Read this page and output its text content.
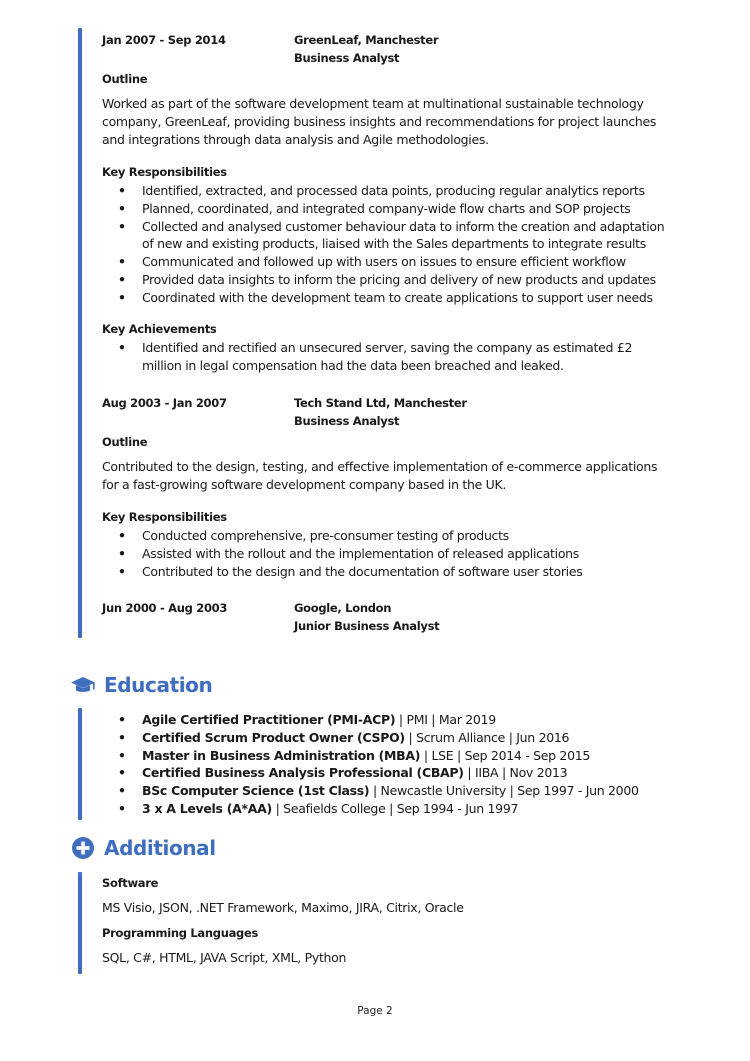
Jan 2007 - Sep 2014	GreenLeaf, Manchester
Business Analyst
Outline
Worked as part of the software development team at multinational sustainable technology company, GreenLeaf, providing business insights and recommendations for project launches and integrations through data analysis and Agile methodologies.
Key Responsibilities
• Identified, extracted, and processed data points, producing regular analytics reports
• Planned, coordinated, and integrated company-wide flow charts and SOP projects
• Collected and analysed customer behaviour data to inform the creation and adaptation of new and existing products, liaised with the Sales departments to integrate results
• Communicated and followed up with users on issues to ensure efficient workflow
• Provided data insights to inform the pricing and delivery of new products and updates
• Coordinated with the development team to create applications to support user needs
Key Achievements
• Identified and rectified an unsecured server, saving the company as estimated £2 million in legal compensation had the data been breached and leaked.
Aug 2003 - Jan 2007	Tech Stand Ltd, Manchester
Business Analyst
Outline
Contributed to the design, testing, and effective implementation of e-commerce applications for a fast-growing software development company based in the UK.
Key Responsibilities
• Conducted comprehensive, pre-consumer testing of products
• Assisted with the rollout and the implementation of released applications
• Contributed to the design and the documentation of software user stories
Jun 2000 - Aug 2003	Google, London
Junior Business Analyst
Education
• Agile Certified Practitioner (PMI-ACP) | PMI | Mar 2019
• Certified Scrum Product Owner (CSPO) | Scrum Alliance | Jun 2016
• Master in Business Administration (MBA) | LSE | Sep 2014 - Sep 2015
• Certified Business Analysis Professional (CBAP) | IIBA | Nov 2013
• BSc Computer Science (1st Class) | Newcastle University | Sep 1997 - Jun 2000
• 3 x A Levels (A*AA) | Seafields College | Sep 1994 - Jun 1997
Additional
Software
MS Visio, JSON, .NET Framework, Maximo, JIRA, Citrix, Oracle
Programming Languages
SQL, C#, HTML, JAVA Script, XML, Python
Page 2
